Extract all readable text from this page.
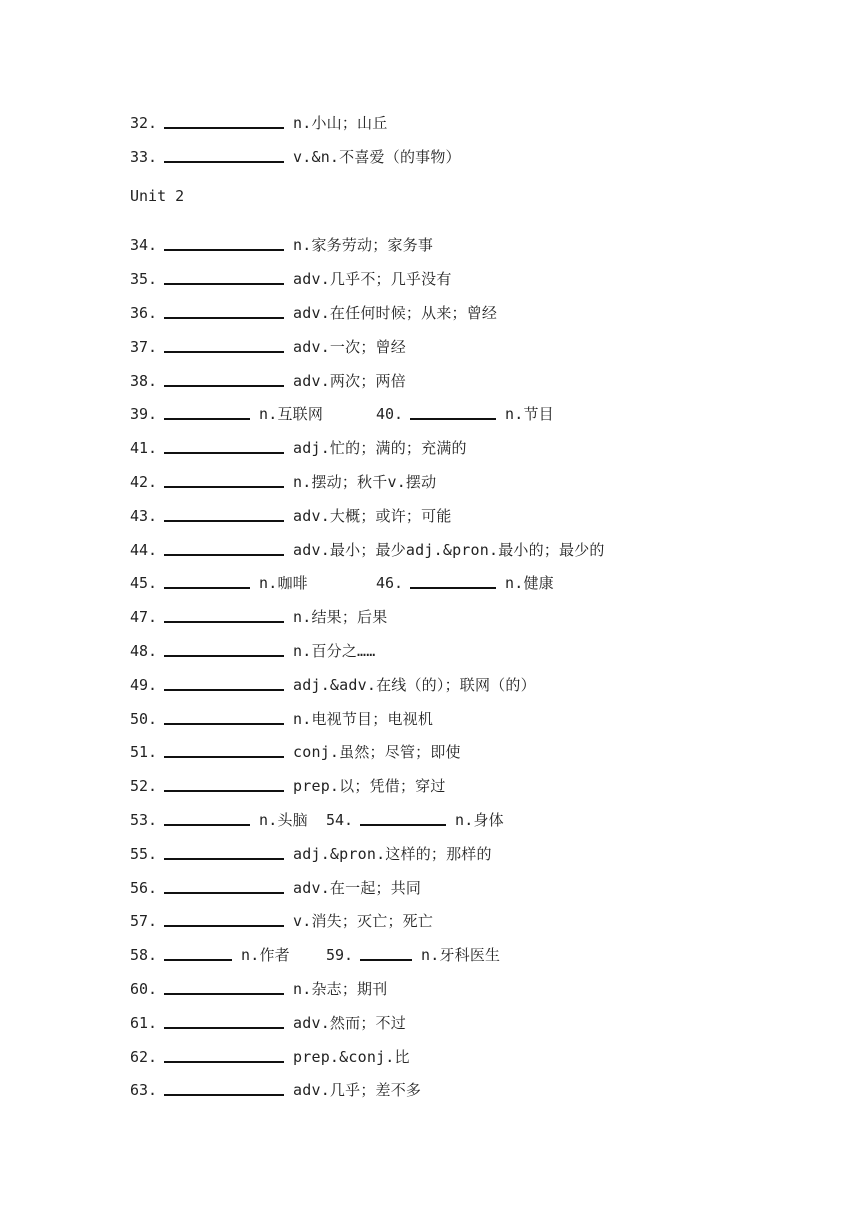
32.	n.小山；山丘
33.	v.&n.不喜爱（的事物）
Unit 2
34.	n.家务劳动；家务事
35.	adv.几乎不；几乎没有
36.	adv.在任何时候；从来；曾经
37.	adv.一次；曾经
38.	adv.两次；两倍
39.	n.互联网	40.	n.节目
41.	adj.忙的；满的；充满的
42.	n.摆动；秋千v.摆动
43.	adv.大概；或许；可能
44.	adv.最小；最少adj.&pron.最小的；最少的
45.	n.咖啡	46.	n.健康
47.	n.结果；后果
48.	n.百分之……
49.	adj.&adv.在线（的）；联网（的）
50.	n.电视节目；电视机
51.	conj.虽然；尽管；即使
52.	prep.以；凭借；穿过
53.	n.头脑 54.	n.身体
55.	adj.&pron.这样的；那样的
56.	adv.在一起；共同
57.	v.消失；灭亡；死亡
58.	n.作者 59.	n.牙科医生
60.	n.杂志；期刊
61.	adv.然而；不过
62.	prep.&conj.比
63.	adv.几乎；差不多
